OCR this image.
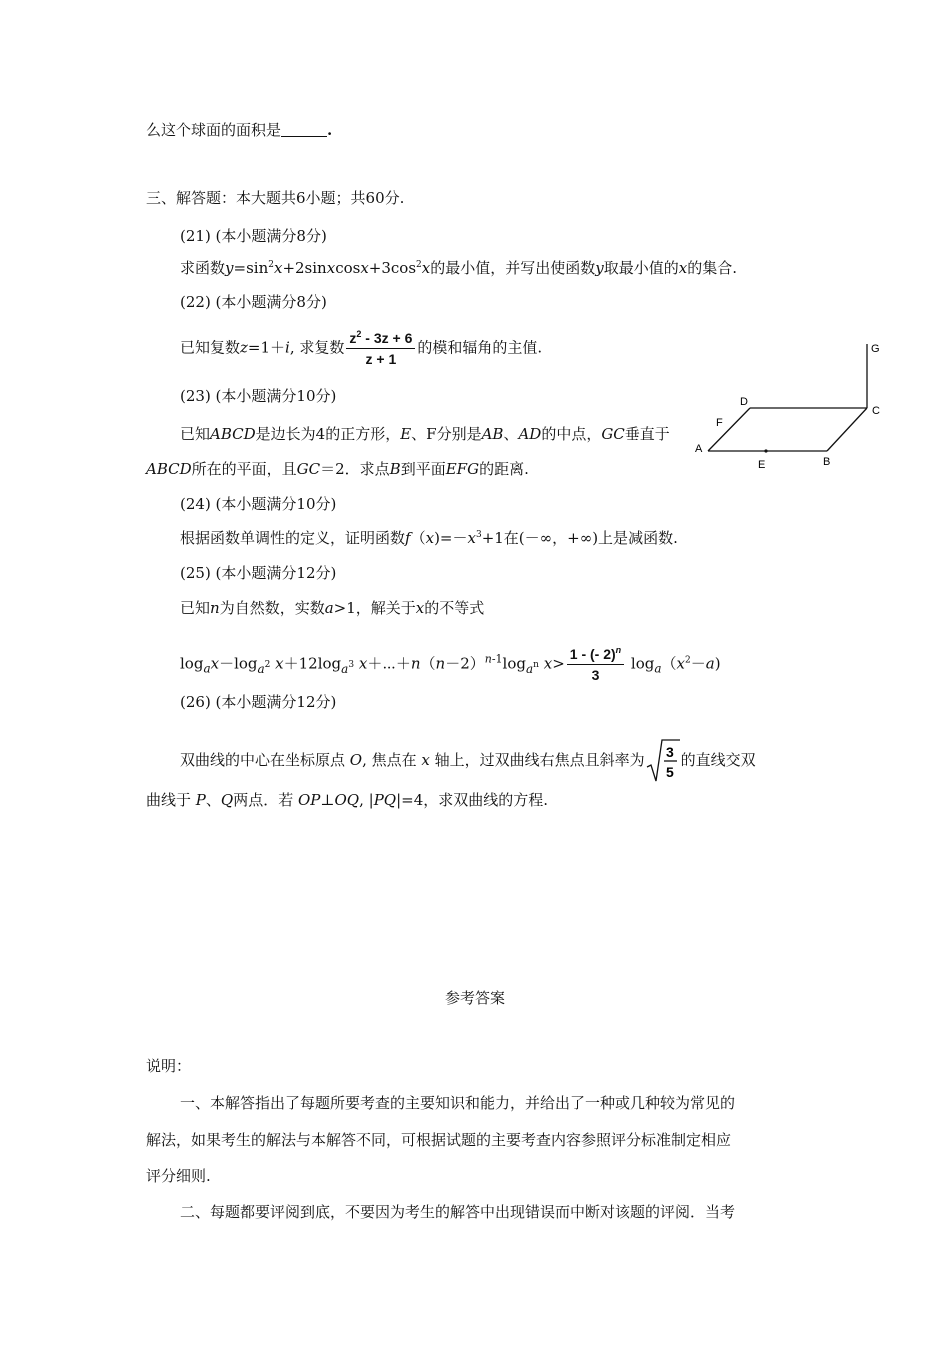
么这个球面的面积是	.
三、解答题：本大题共6小题；共60分.
(21) (本小题满分8分)
求函数$y=\sin^2x+2sinxcosx+3\cos^2x$的最小值，并写出使函数y取最小值的x的集合.
(22) (本小题满分8分)
已知复数z=1＋i, 求复数 $\frac{z^2 - 3z + 6}{z + 1}$ 的模和辐角的主值.
(23) (本小题满分10分)
已知ABCD是边长为4的正方形，E、F分别是AB、AD的中点，GC垂直于
ABCD所在的平面，且GC＝2．求点B到平面EFG的距离.
G
D
C
F
A
E	B
(24) (本小题满分10分)
根据函数单调性的定义，证明函数$f(x)=-x^3+1$在(－∞，+∞)上是减函数.
(25) (本小题满分12分)
已知n为自然数，实数a>1，解关于x的不等式
$\log_ax-\log_{a^2}$ $x+12\log_{a^3}$ $x+\cdots+n(n-2)^{n-1}\log_{a^n}$ $x> \frac{1 - (- 2)^n}{3} \log_a(x^2-a)$
(26) (本小题满分12分)
双曲线的中心在坐标原点 O, 焦点在 x 轴上，过双曲线右焦点且斜率为 3
5
的直线交双
曲线于 P、Q两点．若 OP⊥OQ, |PQ|=4，求双曲线的方程.
参考答案
说明：
一、本解答指出了每题所要考查的主要知识和能力，并给出了一种或几种较为常见的
解法，如果考生的解法与本解答不同，可根据试题的主要考查内容参照评分标准制定相应
评分细则.
二、每题都要评阅到底，不要因为考生的解答中出现错误而中断对该题的评阅．当考
